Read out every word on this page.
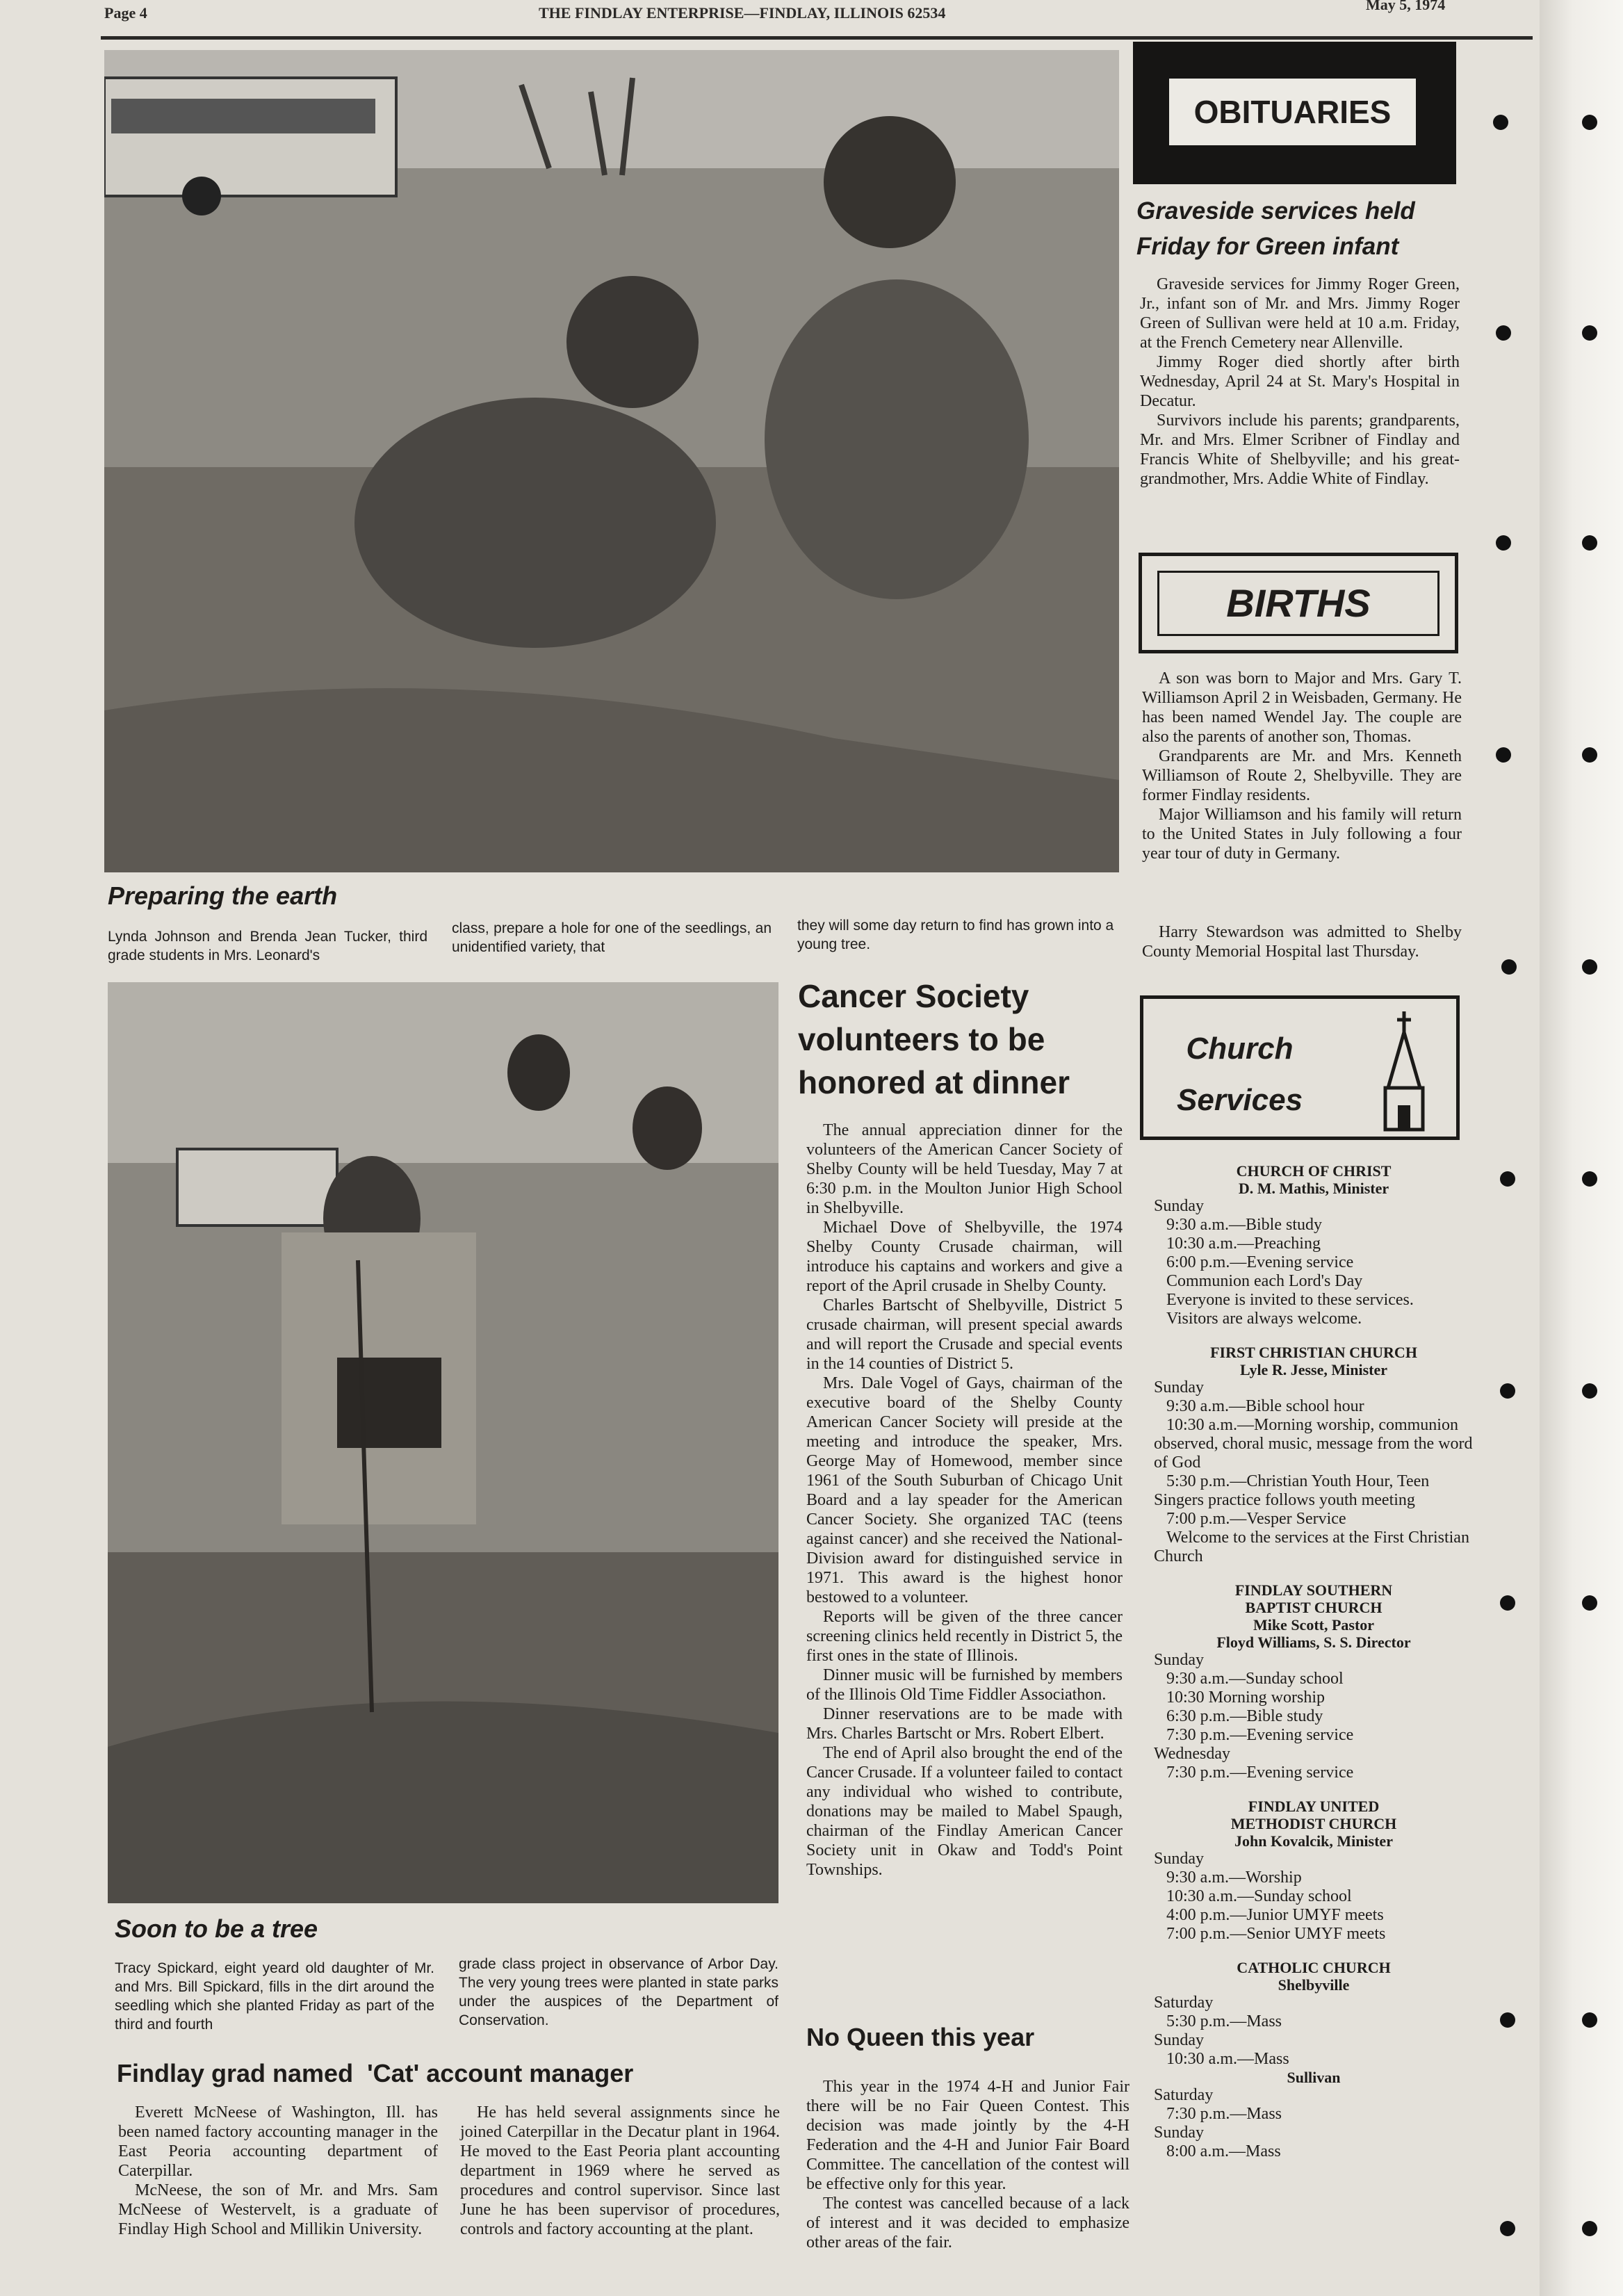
Page 4	THE FINDLAY ENTERPRISE—FINDLAY, ILLINOIS 62534	May 5, 1974
Preparing the earth
Lynda Johnson and Brenda Jean Tucker, third grade students in Mrs. Leonard's
class, prepare a hole for one of the seedlings, an unidentified variety, that
they will some day return to find has grown into a young tree.
Soon to be a tree
Tracy Spickard, eight yeard old daughter of Mr. and Mrs. Bill Spickard, fills in the dirt around the seedling which she planted Friday as part of the third and fourth
grade class project in observance of Arbor Day. The very young trees were planted in state parks under the auspices of the Department of Conservation.
Cancer Society
volunteers to be
honored at dinner

The annual appreciation dinner for the volunteers of the American Cancer Society of Shelby County will be held Tuesday, May 7 at 6:30 p.m. in the Moulton Junior High School in Shelbyville.

Michael Dove of Shelbyville, the 1974 Shelby County Crusade chairman, will introduce his captains and workers and give a report of the April crusade in Shelby County.

Charles Bartscht of Shelbyville, District 5 crusade chairman, will present special awards and will report the Crusade and special events in the 14 counties of District 5.

Mrs. Dale Vogel of Gays, chairman of the executive board of the Shelby County American Cancer Society will preside at the meeting and introduce the speaker, Mrs. George May of Homewood, member since 1961 of the South Suburban of Chicago Unit Board and a lay speader for the American Cancer Society. She organized TAC (teens against cancer) and she received the National-Division award for distinguished service in 1971. This award is the highest honor bestowed to a volunteer.

Reports will be given of the three cancer screening clinics held recently in District 5, the first ones in the state of Illinois.

Dinner music will be furnished by members of the Illinois Old Time Fiddler Associathon.

Dinner reservations are to be made with Mrs. Charles Bartscht or Mrs. Robert Elbert.

The end of April also brought the end of the Cancer Crusade. If a volunteer failed to contact any individual who wished to contribute, donations may be mailed to Mabel Spaugh, chairman of the Findlay American Cancer Society unit in Okaw and Todd's Point Townships.

No Queen this year

This year in the 1974 4-H and Junior Fair there will be no Fair Queen Contest. This decision was made jointly by the 4-H Federation and the 4-H and Junior Fair Board Committee. The cancellation of the contest will be effective only for this year.

The contest was cancelled because of a lack of interest and it was decided to emphasize other areas of the fair.

Findlay grad named  'Cat' account manager

Everett McNeese of Washington, Ill. has been named factory accounting manager in the East Peoria accounting department of Caterpillar.

McNeese, the son of Mr. and Mrs. Sam McNeese of Westervelt, is a graduate of Findlay High School and Millikin University.

He has held several assignments since he joined Caterpillar in the Decatur plant in 1964. He moved to the East Peoria plant accounting department in 1969 where he served as procedures and control supervisor. Since last June he has been supervisor of procedures, controls and factory accounting at the plant.

OBITUARIES
Graveside services held
Friday for Green infant

Graveside services for Jimmy Roger Green, Jr., infant son of Mr. and Mrs. Jimmy Roger Green of Sullivan were held at 10 a.m. Friday, at the French Cemetery near Allenville.

Jimmy Roger died shortly after birth Wednesday, April 24 at St. Mary's Hospital in Decatur.

Survivors include his parents; grandparents, Mr. and Mrs. Elmer Scribner of Findlay and Francis White of Shelbyville; and his great-grandmother, Mrs. Addie White of Findlay.

BIRTHS

A son was born to Major and Mrs. Gary T. Williamson April 2 in Weisbaden, Germany. He has been named Wendel Jay. The couple are also the parents of another son, Thomas.

Grandparents are Mr. and Mrs. Kenneth Williamson of Route 2, Shelbyville. They are former Findlay residents.

Major Williamson and his family will return to the United States in July following a four year tour of duty in Germany.

Harry Stewardson was admitted to Shelby County Memorial Hospital last Thursday.

Church
Services
CHURCH OF CHRIST
D. M. Mathis, Minister
Sunday
9:30 a.m.—Bible study
10:30 a.m.—Preaching
6:00 p.m.—Evening service
Communion each Lord's Day
Everyone is invited to these services.
Visitors are always welcome.
FIRST CHRISTIAN CHURCH
Lyle R. Jesse, Minister
Sunday
9:30 a.m.—Bible school hour
10:30 a.m.—Morning worship, communion observed, choral music, message from the word of God
5:30 p.m.—Christian Youth Hour, Teen Singers practice follows youth meeting
7:00 p.m.—Vesper Service
Welcome to the services at the First Christian Church
FINDLAY SOUTHERN
BAPTIST CHURCH
Mike Scott, Pastor
Floyd Williams, S. S. Director
Sunday
9:30 a.m.—Sunday school
10:30 Morning worship
6:30 p.m.—Bible study
7:30 p.m.—Evening service
Wednesday
7:30 p.m.—Evening service
FINDLAY UNITED
METHODIST CHURCH
John Kovalcik, Minister
Sunday
9:30 a.m.—Worship
10:30 a.m.—Sunday school
4:00 p.m.—Junior UMYF meets
7:00 p.m.—Senior UMYF meets
CATHOLIC CHURCH
Shelbyville
Saturday
5:30 p.m.—Mass
Sunday
10:30 a.m.—Mass
Sullivan
Saturday
7:30 p.m.—Mass
Sunday
8:00 a.m.—Mass
